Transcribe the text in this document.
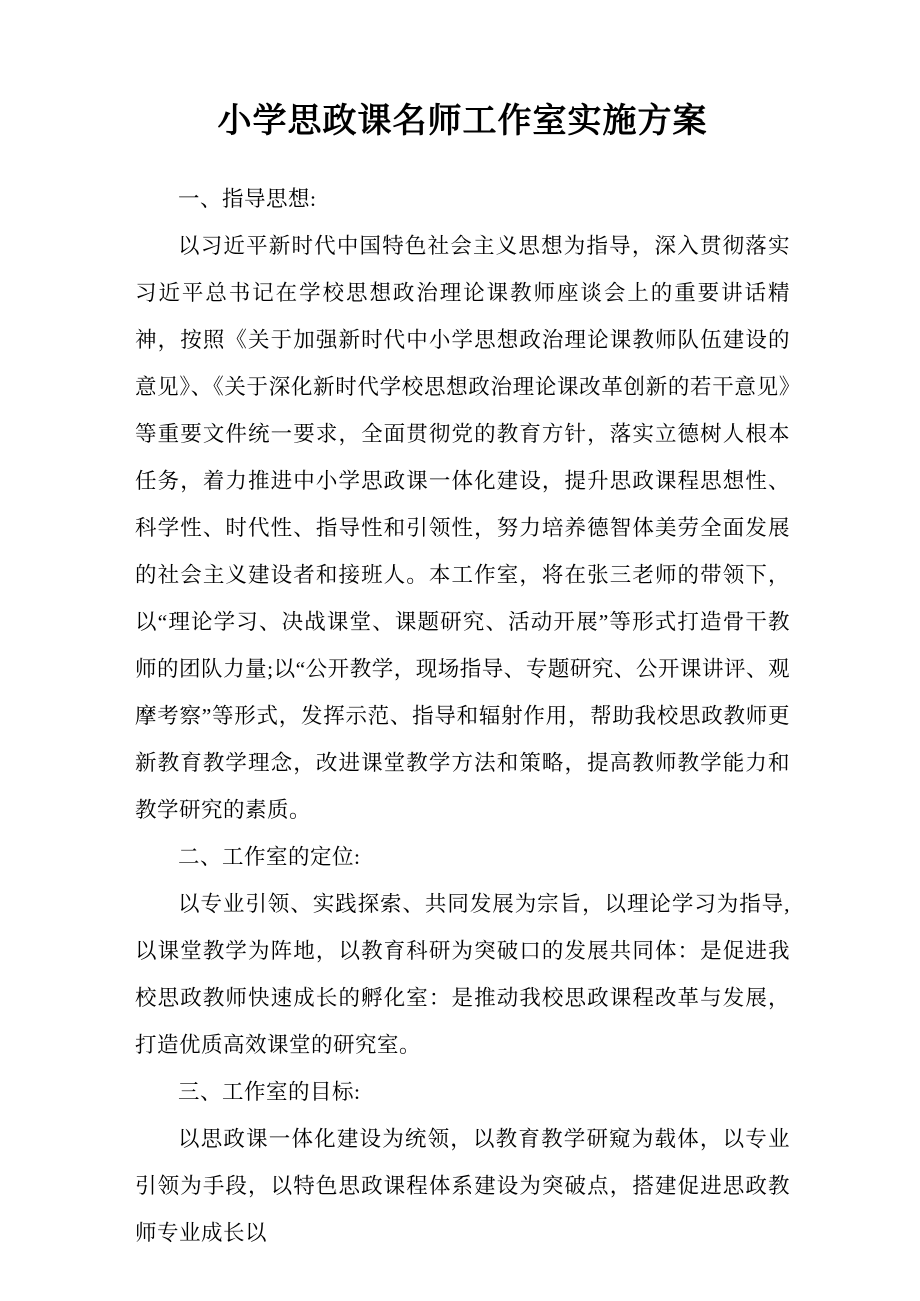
小学思政课名师工作室实施方案

一、指导思想:

以习近平新时代中国特色社会主义思想为指导，深入贯彻落实习近平总书记在学校思想政治理论课教师座谈会上的重要讲话精神，按照《关于加强新时代中小学思想政治理论课教师队伍建设的意见》、《关于深化新时代学校思想政治理论课改革创新的若干意见》等重要文件统一要求，全面贯彻党的教育方针，落实立德树人根本任务，着力推进中小学思政课一体化建设，提升思政课程思想性、科学性、时代性、指导性和引领性，努力培养德智体美劳全面发展的社会主义建设者和接班人。本工作室，将在张三老师的带领下，以“理论学习、决战课堂、课题研究、活动开展”等形式打造骨干教师的团队力量;以“公开教学，现场指导、专题研究、公开课讲评、观摩考察”等形式，发挥示范、指导和辐射作用，帮助我校思政教师更新教育教学理念，改进课堂教学方法和策略，提高教师教学能力和教学研究的素质。

二、工作室的定位:

以专业引领、实践探索、共同发展为宗旨，以理论学习为指导,以课堂教学为阵地，以教育科研为突破口的发展共同体：是促进我校思政教师快速成长的孵化室：是推动我校思政课程改革与发展，打造优质高效课堂的研究室。

三、工作室的目标:

以思政课一体化建设为统领，以教育教学研窥为载体，以专业引领为手段，以特色思政课程体系建设为突破点，搭建促进思政教师专业成长以
